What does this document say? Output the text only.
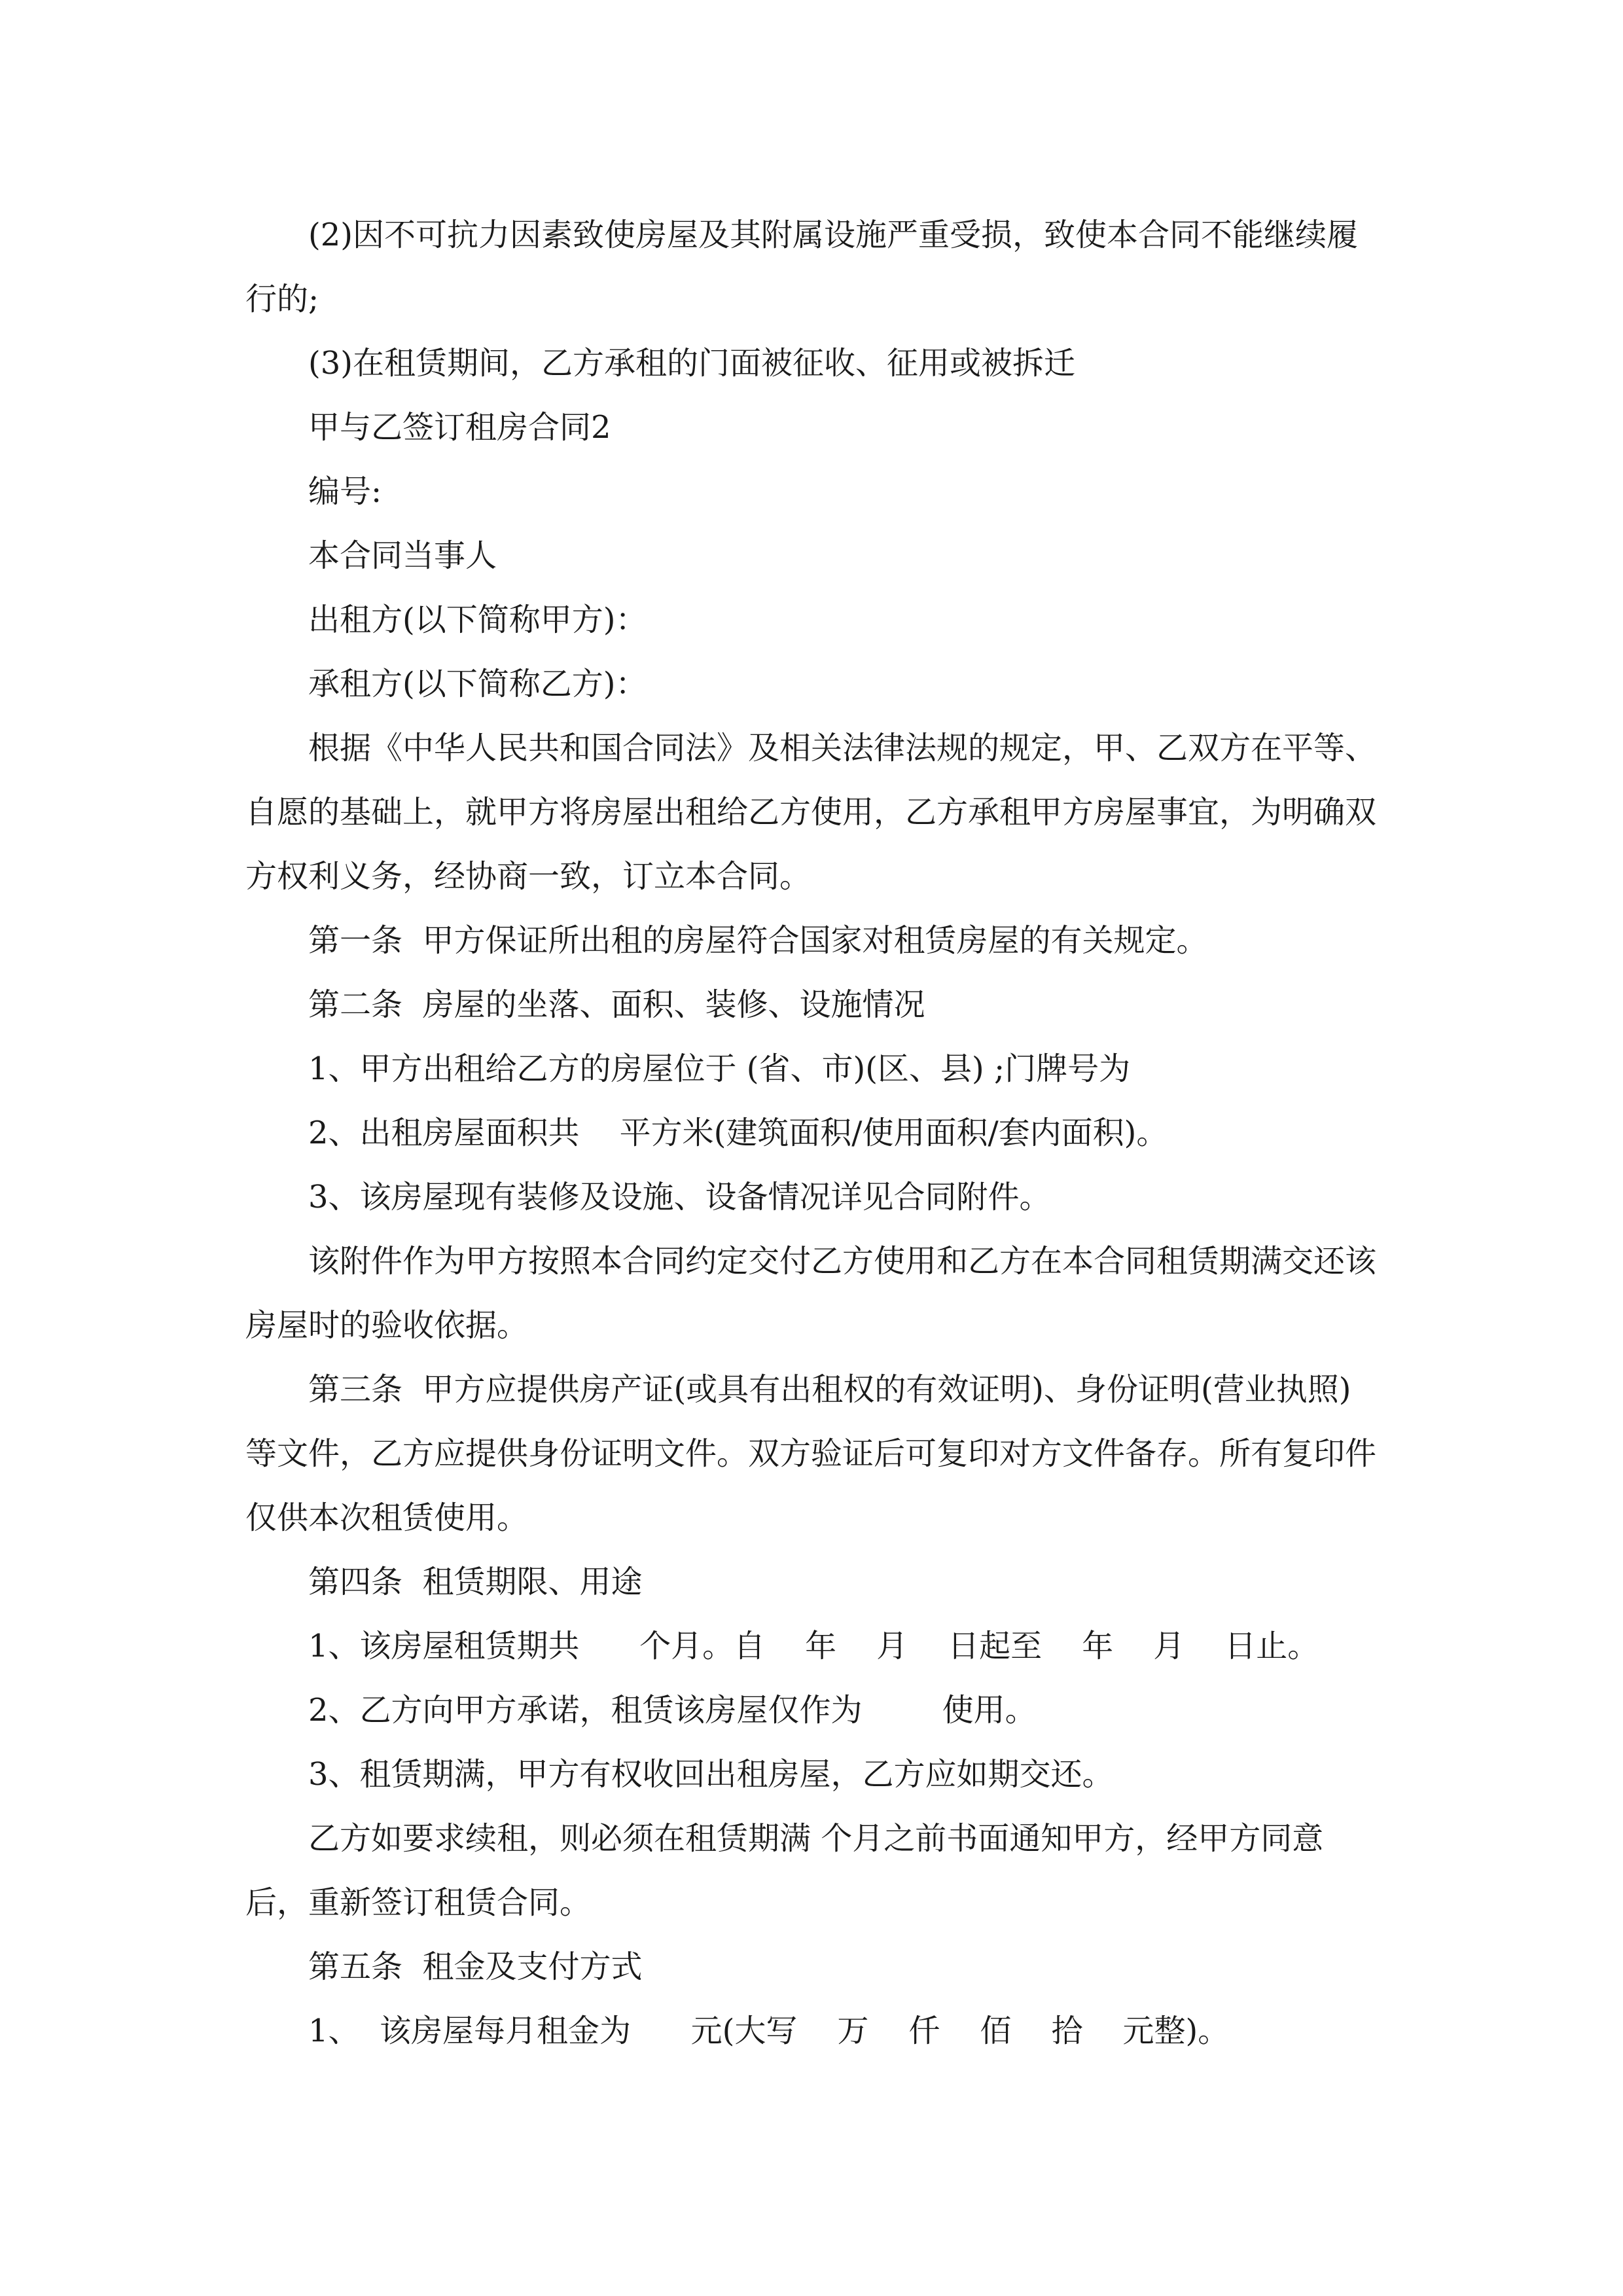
(2)因不可抗力因素致使房屋及其附属设施严重受损，致使本合同不能继续履行的;

(3)在租赁期间，乙方承租的门面被征收、征用或被拆迁

甲与乙签订租房合同2

编号:

本合同当事人

出租方(以下简称甲方)：

承租方(以下简称乙方)：

根据《中华人民共和国合同法》及相关法律法规的规定，甲、乙双方在平等、自愿的基础上，就甲方将房屋出租给乙方使用，乙方承租甲方房屋事宜，为明确双方权利义务，经协商一致，订立本合同。

第一条  甲方保证所出租的房屋符合国家对租赁房屋的有关规定。

第二条  房屋的坐落、面积、装修、设施情况

1、甲方出租给乙方的房屋位于 (省、市)(区、县) ;门牌号为

2、出租房屋面积共    平方米(建筑面积/使用面积/套内面积)。

3、该房屋现有装修及设施、设备情况详见合同附件。

该附件作为甲方按照本合同约定交付乙方使用和乙方在本合同租赁期满交还该房屋时的验收依据。

第三条  甲方应提供房产证(或具有出租权的有效证明)、身份证明(营业执照)等文件，乙方应提供身份证明文件。双方验证后可复印对方文件备存。所有复印件仅供本次租赁使用。

第四条  租赁期限、用途

1、该房屋租赁期共      个月。自    年    月    日起至    年    月    日止。

2、乙方向甲方承诺，租赁该房屋仅作为        使用。

3、租赁期满，甲方有权收回出租房屋，乙方应如期交还。

乙方如要求续租，则必须在租赁期满 个月之前书面通知甲方，经甲方同意后，重新签订租赁合同。

第五条  租金及支付方式

1、  该房屋每月租金为      元(大写    万    仟    佰    拾    元整)。
